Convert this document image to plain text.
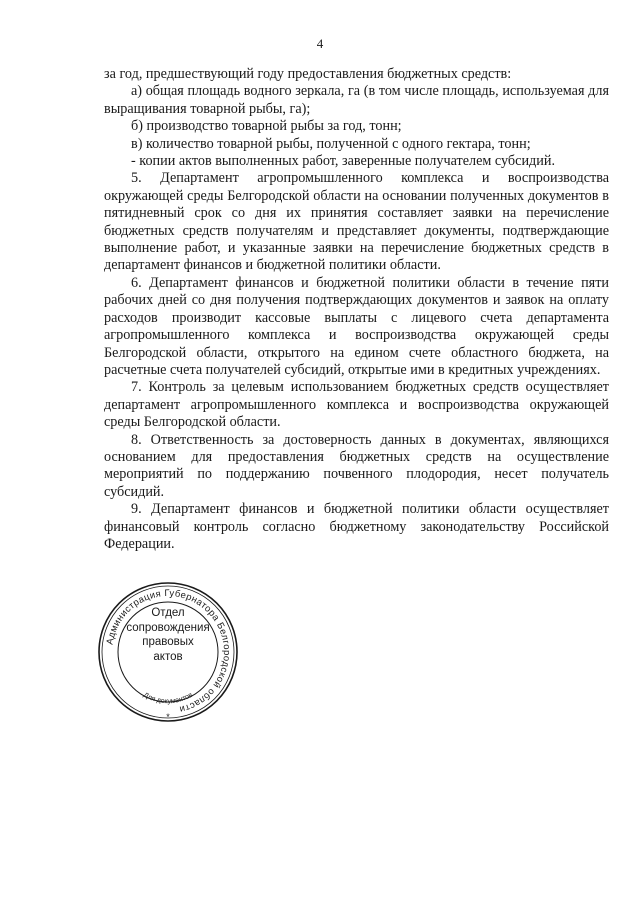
4

за год, предшествующий году предоставления бюджетных средств:

а) общая площадь водного зеркала, га (в том числе площадь, используемая для выращивания товарной рыбы, га);

б) производство товарной рыбы за год, тонн;

в) количество товарной рыбы, полученной с одного гектара, тонн;

- копии актов выполненных работ, заверенные получателем субсидий.

5. Департамент агропромышленного комплекса и воспроизводства окружающей среды Белгородской области на основании полученных документов в пятидневный срок со дня их принятия составляет заявки на перечисление бюджетных средств получателям и представляет документы, подтверждающие выполнение работ, и указанные заявки на перечисление бюджетных средств в департамент финансов и бюджетной политики области.

6. Департамент финансов и бюджетной политики области в течение пяти рабочих дней со дня получения подтверждающих документов и заявок на оплату расходов производит кассовые выплаты с лицевого счета департамента агропромышленного комплекса и воспроизводства окружающей среды Белгородской области, открытого на едином счете областного бюджета, на расчетные счета получателей субсидий, открытые ими в кредитных учреждениях.

7. Контроль за целевым использованием бюджетных средств осуществляет департамент агропромышленного комплекса и воспроизводства окружающей среды Белгородской области.

8. Ответственность за достоверность данных в документах, являющихся основанием для предоставления бюджетных средств на осуществление мероприятий по поддержанию почвенного плодородия, несет получатель субсидий.

9. Департамент финансов и бюджетной политики области осуществляет финансовый контроль согласно бюджетному законодательству Российской Федерации.

Администрация Губернатора Белгородской области
Для документов
*
Отдел
сопровождения
правовых
актов
